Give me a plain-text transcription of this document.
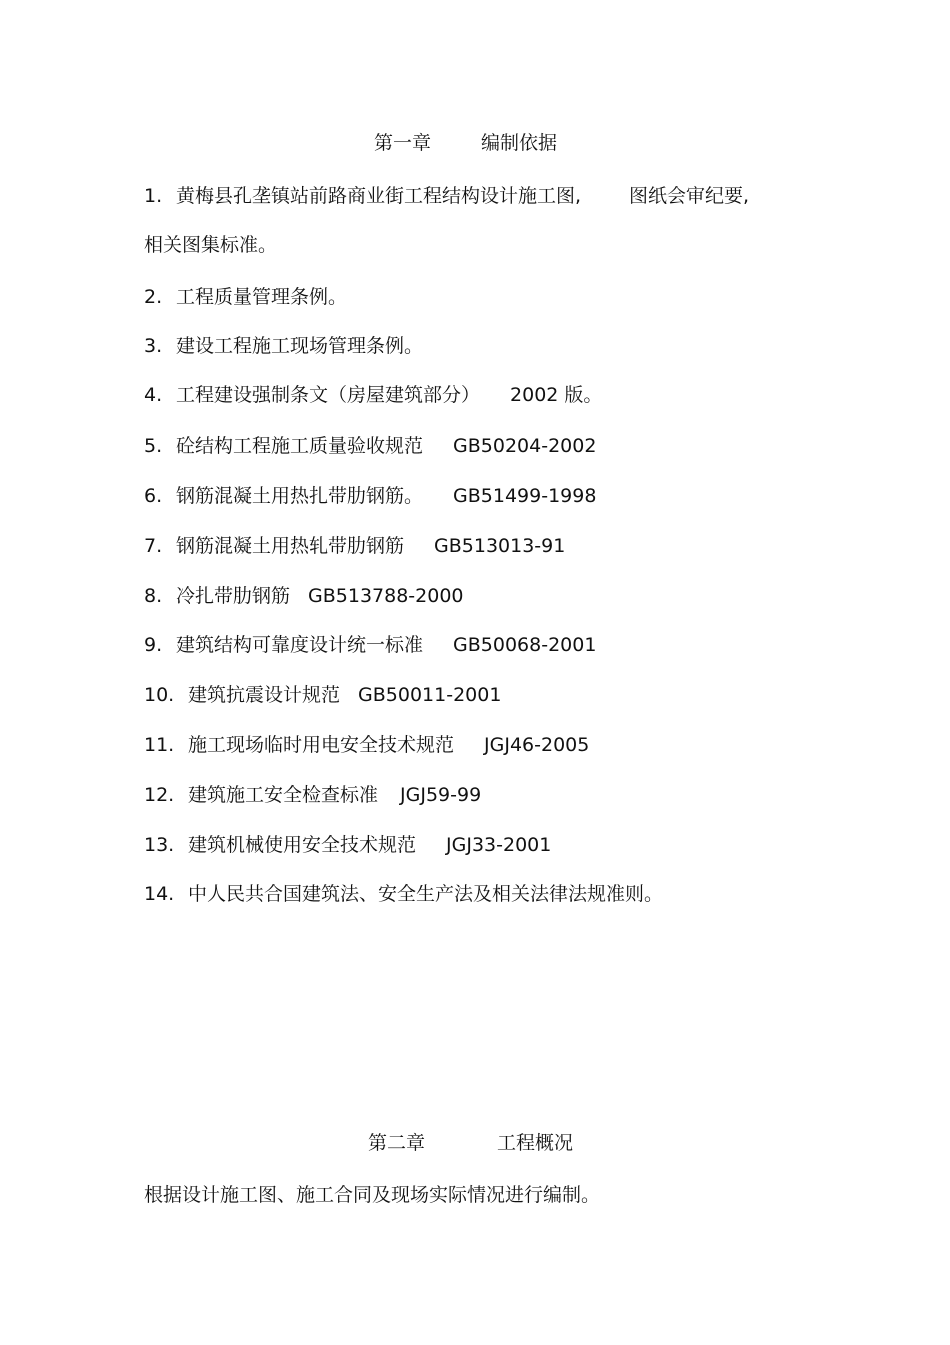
第一章	编制依据
1. 黄梅县孔垄镇站前路商业街工程结构设计施工图,	图纸会审纪要,
相关图集标准。
2. 工程质量管理条例。
3. 建设工程施工现场管理条例。
4. 工程建设强制条文（房屋建筑部分） 2002 版。
5. 砼结构工程施工质量验收规范 GB50204-2002
6. 钢筋混凝土用热扎带肋钢筋。 GB51499-1998
7. 钢筋混凝土用热轧带肋钢筋 GB513013-91
8. 冷扎带肋钢筋 GB513788-2000
9. 建筑结构可靠度设计统一标准 GB50068-2001
10. 建筑抗震设计规范 GB50011-2001
11. 施工现场临时用电安全技术规范 JGJ46-2005
12. 建筑施工安全检查标准 JGJ59-99
13. 建筑机械使用安全技术规范 JGJ33-2001
14. 中人民共合国建筑法、安全生产法及相关法律法规准则。
第二章	工程概况
根据设计施工图、施工合同及现场实际情况进行编制。
